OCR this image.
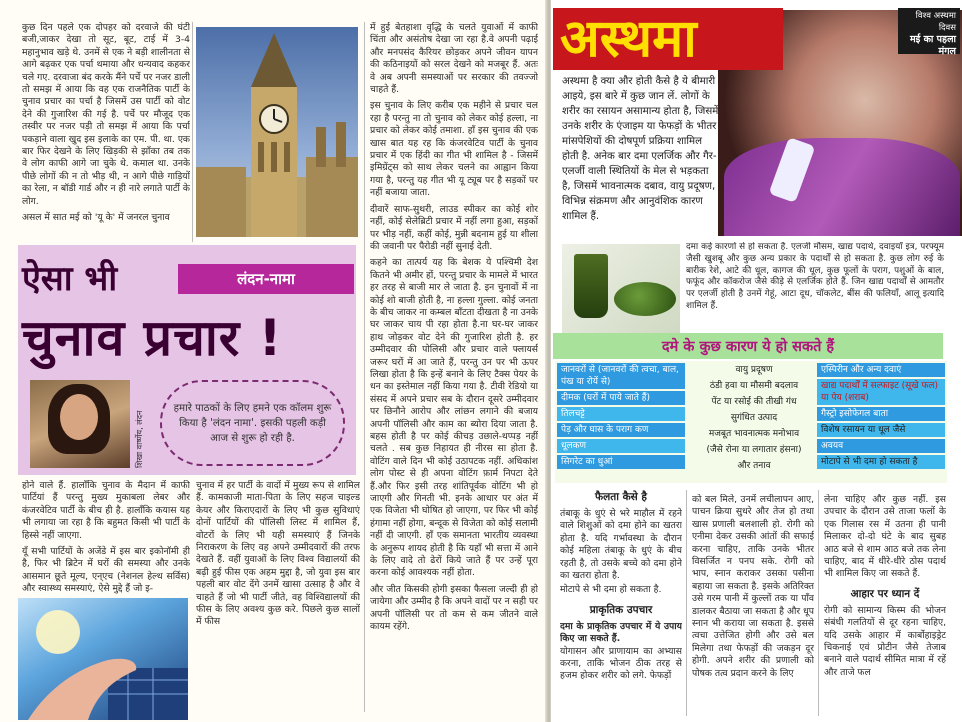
कुछ दिन पहले एक दोपहर को दरवाजे की घंटी बजी,जाकर देखा तो सूट, बूट, टाई में 3-4 महानुभाव खड़े थे. उनमें से एक ने बड़ी शालीनता से आगे बढ़कर एक पर्चा थमाया और धन्यवाद कहकर चले गए. दरवाजा बंद करके मैंने पर्चे पर नजर डाली तो समझ में आया कि वह एक राजनैतिक पार्टी के चुनाव प्रचार का पर्चा है जिसमें उस पार्टी को वोट देने की गुजारिश की गई है. पर्चे पर मौजूद एक तस्वीर पर नजर पड़ी तो समझ में आया कि पर्चा पकड़ाने वाला खुद इस इलाके का एम. पी. था. एक बार फिर देखने के लिए खिड़की से झाँका तब तक वे लोग काफी आगे जा चुके थे. कमाल था. उनके पीछे लोगों की न तो भीड़ थी, न आगे पीछे गाड़ियों का रेला, न बॉडी गार्ड और न ही नारे लगाते पार्टी के लोग.
असल में सात मई को 'यू के' में जनरल चुनाव
ऐसा भी	लंदन-नामा
चुनाव प्रचार !
शिखा वार्ष्णेय, लंदन
हमारे पाठकों के लिए हमने एक कॉलम शुरू किया है 'लंदन नामा'. इसकी पहली कड़ी आज से शुरू हो रही है.
होने वाले हैं. हालाँकि चुनाव के मैदान में काफी पार्टियां हैं परन्तु मुख्य मुकाबला लेबर और कंजरवेटिव पार्टी के बीच ही है. हालाँकि कयास यह भी लगाया जा रहा है कि बहुमत किसी भी पार्टी के हिस्से नहीं जाएगा.
यूँ सभी पार्टियों के अजेंडे में इस बार इकोनॉमी ही है, फिर भी ब्रिटेन में घरों की समस्या और उनके आसमान छूते मूल्य, एन्एच (नेशनल हेल्थ सर्विस) और स्वास्थ्य समस्याएं, ऐसे मुद्दे हैं जो इ-
चुनाव में हर पार्टी के वादों में मुख्य रूप से शामिल हैं. कामकाजी माता-पिता के लिए सहज चाइल्ड केयर और किराएदारों के लिए भी कुछ सुविधाएं दोनों पार्टियों की पॉलिसी लिस्ट में शामिल हैं, वोटरों के लिए भी यही समस्याएं हैं जिनके निराकरण के लिए वह अपने उम्मीदवारों की तरफ देखते हैं. वहीं युवाओं के लिए विश्व विद्यालयों की बढ़ी हुई फीस एक अहम मुद्दा है, जो युवा इस बार पहली बार वोट देंगे उनमें खासा उत्साह है और वे चाहते हैं जो भी पार्टी जीते, वह विश्विद्यालयों की फीस के लिए अवश्य कुछ करे. पिछले कुछ सालों में फीस
में हुई बेतहाशा वृद्धि के चलते युवाओं में काफी चिंता और असंतोष देखा जा रहा है.वे अपनी पढ़ाई और मनपसंद कैरियर छोड़कर अपने जीवन यापन की कठिनाइयों को सरल देखने को मजबूर हैं. अतः वे अब अपनी समस्याओं पर सरकार की तवज्जो चाहते हैं.
इस चुनाव के लिए करीब एक महीने से प्रचार चल रहा है परन्तु ना तो चुनाव को लेकर कोई हल्ला, ना प्रचार को लेकर कोई तमाशा. हाँ इस चुनाव की एक खास बात यह रह कि कंजरवेटिव पार्टी के चुनाव प्रचार में एक हिंदी का गीत भी शामिल है - जिसमें इमिग्रेंट्स को साथ लेकर चलने का आह्वान किया गया है, परन्तु यह गीत भी यू ट्यूब पर है सड़कों पर नहीं बजाया जाता.
दीवारें साफ-सुथरी, लाउड स्पीकर का कोई शोर नहीं, कोई सेलेब्रिटी प्रचार में नहीं लगा हुआ, सड़कों पर भीड़ नहीं, कहीं कोई, मुन्नी बदनाम हुई या शीला की जवानी पर पैरोडी नहीं सुनाई देती.
कहने का तात्पर्य यह कि बेशक ये पश्चिमी देश कितने भी अमीर हों, परन्तु प्रचार के मामले में भारत हर तरह से बाजी मार ले जाता है. इन चुनावों में ना कोई शो बाजी होती है, ना हल्ला गुल्ला. कोई जनता के बीच जाकर ना कम्बल बाँटता दीखता है ना उनके घर जाकर चाय पी रहा होता है.ना घर-घर जाकर हाथ जोड़कर वोट देने की गुजारिश होती है. हर उम्मीदवार की पोलिसी और प्रचार वाले फ्लायर्स जरूर घरों में आ जाते हैं, परन्तु उन पर भी ऊपर लिखा होता है कि इन्हें बनाने के लिए टैक्स पेयर के धन का इस्तेमाल नहीं किया गया है. टीवी रेडियो या संसद में अपने प्रचार सब के दौरान दूसरे उम्मीदवार पर छिनौने आरोप और लांछन लगाने की बजाय अपनी पॉलिसी और काम का ब्योरा दिया जाता है. बहस होती है पर कोई कीचड़ उछाले-थप्पड़ नहीं चलते . सब कुछ निहायत ही नीरस सा होता है. वोटिंग वाले दिन भी कोई उठापटक नहीं. अधिकांश लोग पोस्ट से ही अपना वोटिंग फ़ार्म निपटा देते हैं.और फिर इसी तरह शांतिपूर्वक वोटिंग भी हो जाएगी और गिनती भी. इनके आधार पर अंत में एक विजेता भी घोषित हो जाएगा, पर फिर भी कोई हंगामा नहीं होगा, बन्दूक से विजेता को कोई सलामी नहीं दी जाएगी. हाँ एक समानता भारतीय व्यवस्था के अनुरूप शायद होती है कि यहाँ भी सत्ता में आने के लिए वादे तो ढेरों किये जाते हैं पर उन्हें पूरा करना कोई आवश्यक नहीं होता.
और जीत किसकी होगी इसका फैसला जल्दी ही हो जायेगा और उम्मीद है कि अपने वादों पर न सही पर अपनी पॉलिसी पर तो कम से कम जीतने वाले कायम रहेंगे.
अस्थमा	विश्व अस्थमा दिवस
मई का पहला
मंगल
अस्थमा है क्या और होती कैसे है ये बीमारी आइये, इस बारे में कुछ जान लें. लोगों के शरीर का रसायन असामान्य होता है, जिसमें उनके शरीर के एंजाइम या फेफड़ों के भीतर मांसपेशियों की दोषपूर्ण प्रक्रिया शामिल होती है. अनेक बार दमा एलर्जिक और गैर-एलर्जी वाली स्थितियों के मेल से भड़कता है, जिसमें भावनात्मक दबाव, वायु प्रदूषण, विभिन्न संक्रमण और आनुवंशिक कारण शामिल हैं.
दमा कई कारणों से हो सकता है. एलर्जी मौसम, खाद्य पदार्थ, दवाइयाँ इत्र, परफ्यूम जैसी खुशबू और कुछ अन्य प्रकार के पदार्थों से हो सकता है. कुछ लोग रुई के बारीक रेशे, आटे की धूल, कागज की धूल, कुछ फूलों के पराग, पशुओं के बाल, फफूंद और कॉकरोज जैसे कीड़े से एलर्जिक होते हैं. जिन खाद्य पदार्थों से आमतौर पर एलर्जी होती है उनमें गेहूं, आटा दूध, चॉकलेट, बींस की फलियाँ, आलू इत्यादि शामिल हैं.
दमे के कुछ कारण ये हो सकते हैं
जानवरों से (जानवरों की त्वचा, बाल, पंख या रोयें से)
दीमक (घरों में पाये जाते हैं)
तिलचट्टे
पेड़ और घास के पराग कण
धूलकण
सिगरेट का धुआं
वायु प्रदूषण
ठंडी हवा या मौसमी बदलाव
पेंट या रसोई की तीखी गंध
सुगंधित उत्पाद
मजबूत भावनात्मक मनोभाव
(जैसे रोना या लगातार हंसना)
और तनाव
एस्पिरीन और अन्य दवाएं
खाद्य पदार्थों में सल्फाइट (सूखे फल) या पेय (शराब)
गैस्ट्रो इसोफेगल बाता
विशेष रसायन या धूल जैसे
अवयव
मोटापे से भी दमा हो सकता है
फैलता कैसे है
तंबाकू के धुएं से भरे माहौल में रहने वाले शिशुओं को दमा होने का खतरा होता है. यदि गर्भावस्था के दौरान कोई महिला तंबाकू के धुएं के बीच रहती है, तो उसके बच्चे को दमा होने का खतरा होता है.
मोटापे से भी दमा हो सकता है.
प्राकृतिक उपचार
दमा के प्राकृतिक उपचार में ये उपाय किए जा सकते हैं.
योगासन और प्राणायाम का अभ्यास करना, ताकि भोजन ठीक तरह से हजम होकर शरीर को लगे. फेफड़ों
को बल मिले, उनमें लचीलापन आए, पाचन क्रिया सुधरे और तेज हो तथा खास प्रणाली बलशाली हो. रोगी को एनीमा देकर उसकी आंतों की सफाई करना चाहिए, ताकि उनके भीतर विसर्जित न पनप सके. रोगी को भाप, स्नान कराकर उसका पसीना बहाया जा सकता है. इसके अतिरिक्त उसे गरम पानी में कुल्लों तक या पाँव डालकर बैठाया जा सकता है और धूप स्नान भी कराया जा सकता है. इससे त्वचा उत्तेजित होगी और उसे बल मिलेगा तथा फेफड़ों की जकड़न दूर होगी. अपने शरीर की प्रणाली को पोषक तत्व प्रदान करने के लिए
लेना चाहिए और कुछ नहीं. इस उपचार के दौरान उसे ताजा फलों के एक गिलास रस में उतना ही पानी मिलाकर दो-दो घंटे के बाद सुबह आठ बजे से शाम आठ बजे तक लेना चाहिए, बाद में धीरे-धीरे ठोस पदार्थ भी शामिल किए जा सकते हैं.
आहार पर ध्यान दें
रोगी को सामान्य किस्म की भोजन संबंधी गलतियों से दूर रहना चाहिए, यदि उसके आहार में कार्बोहाइड्रेट चिकनाई एवं प्रोटीन जैसे तेजाब बनाने वाले पदार्थ सीमित मात्रा में रहें और ताजे फल
